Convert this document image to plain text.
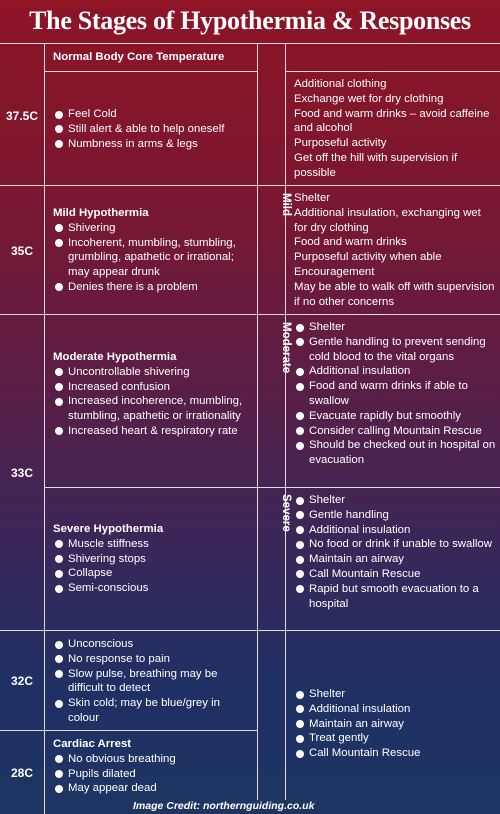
The Stages of Hypothermia & Responses
Normal Body Core Temperature
37.5C
35C
33C
32C
28C
Mild
Moderate
Severe
Feel Cold
Still alert & able to help oneself
Numbness in arms & legs
Additional clothing
Exchange wet for dry clothing
Food and warm drinks – avoid caffeine and alcohol
Purposeful activity
Get off the hill with supervision if possible
Mild Hypothermia
Shivering
Incoherent, mumbling, stumbling, grumbling, apathetic or irrational; may appear drunk
Denies there is a problem
Shelter
Additional insulation, exchanging wet for dry clothing
Food and warm drinks
Purposeful activity when able
Encouragement
May be able to walk off with supervision if no other concerns
Moderate Hypothermia
Uncontrollable shivering
Increased confusion
Increased incoherence, mumbling, stumbling, apathetic or irrationality
Increased heart & respiratory rate
Shelter
Gentle handling to prevent sending cold blood to the vital organs
Additional insulation
Food and warm drinks if able to swallow
Evacuate rapidly but smoothly
Consider calling Mountain Rescue
Should be checked out in hospital on evacuation
Severe Hypothermia
Muscle stiffness
Shivering stops
Collapse
Semi-conscious
Shelter
Gentle handling
Additional insulation
No food or drink if unable to swallow
Maintain an airway
Call Mountain Rescue
Rapid but smooth evacuation to a hospital
Unconscious
No response to pain
Slow pulse, breathing may be difficult to detect
Skin cold; may be blue/grey in colour
Cardiac Arrest
No obvious breathing
Pupils dilated
May appear dead
Shelter
Additional insulation
Maintain an airway
Treat gently
Call Mountain Rescue
Image Credit: northernguiding.co.uk
